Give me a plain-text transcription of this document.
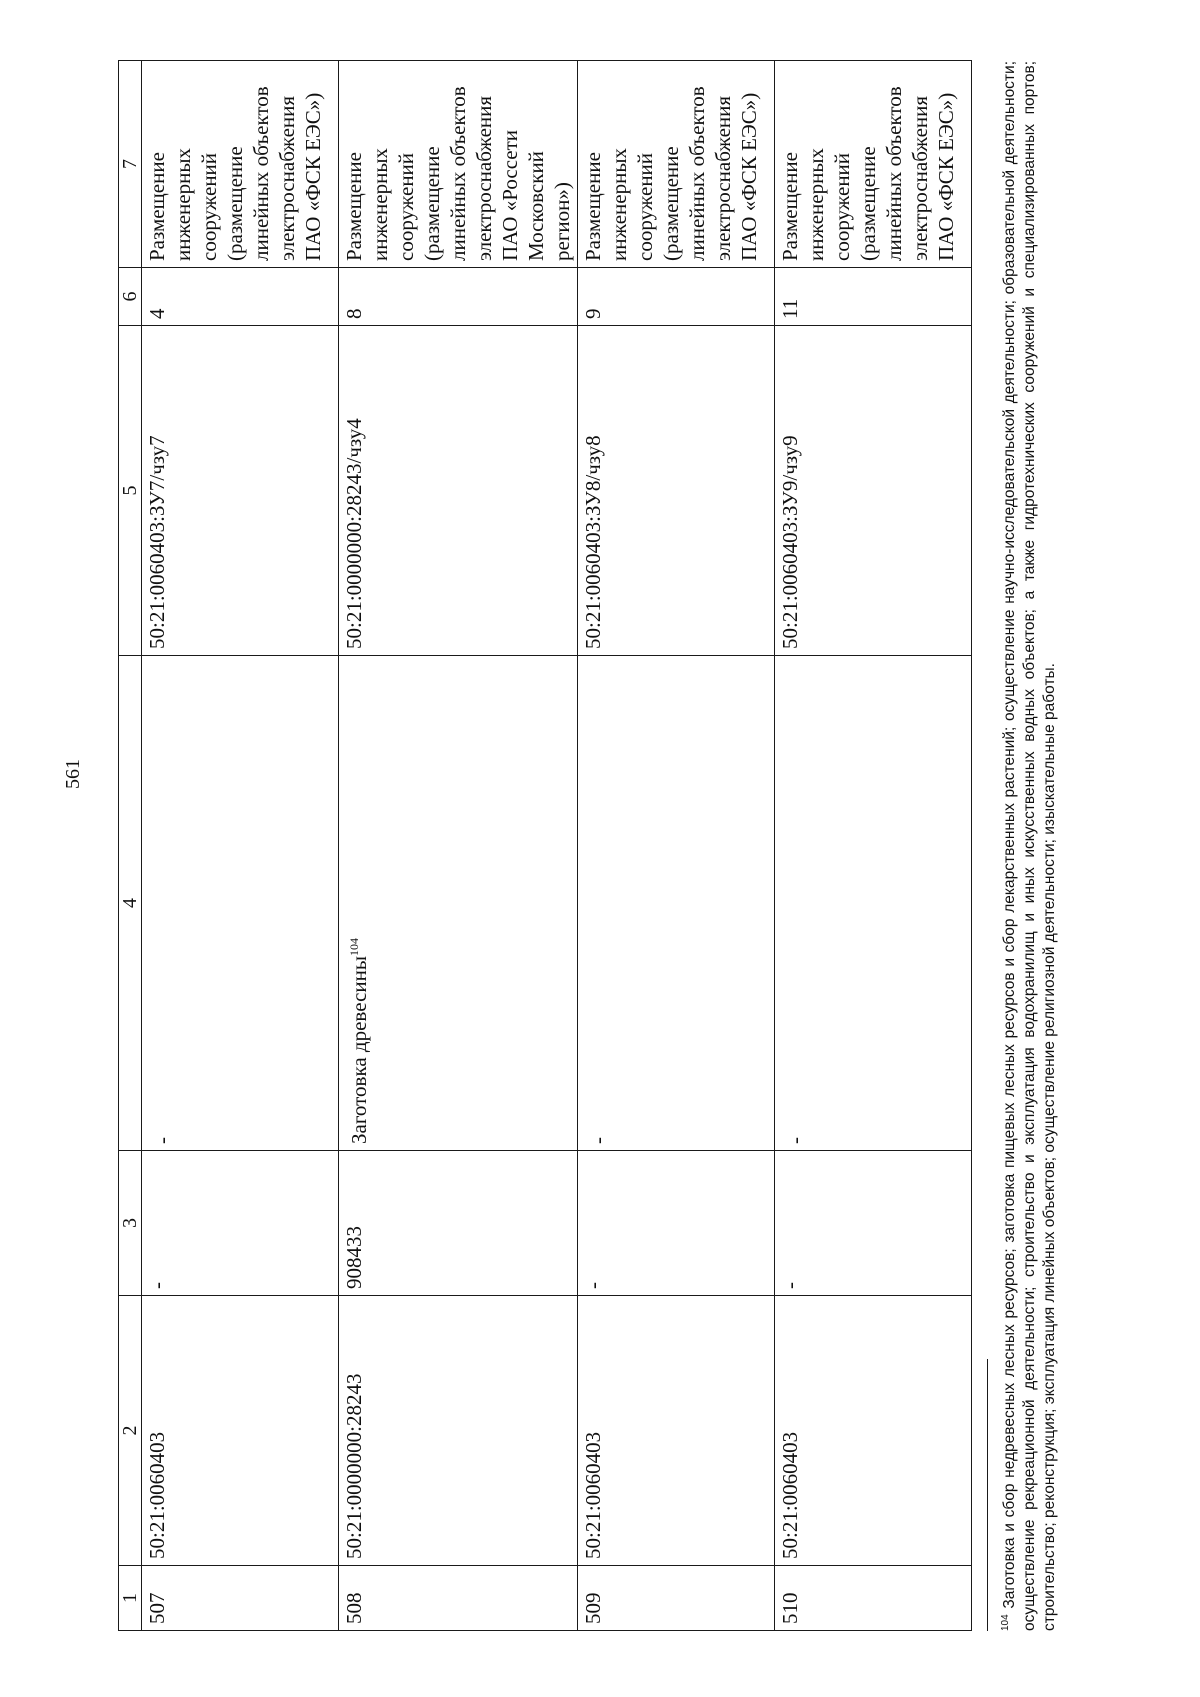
561
1	2	3	4	5	6	7
507	50:21:0060403	-	-	50:21:0060403:ЗУ7/чзу7	4	Размещение инженерных сооружений (размещение линейных объектов электроснабжения ПАО «ФСК ЕЭС»)
508	50:21:0000000:28243	908433	Заготовка древесины$^{104}$	50:21:0000000:28243/чзу4	8	Размещение инженерных сооружений (размещение линейных объектов электроснабжения ПАО «Россети Московский регион»)
509	50:21:0060403	-	-	50:21:0060403:ЗУ8/чзу8	9	Размещение инженерных сооружений (размещение линейных объектов электроснабжения ПАО «ФСК ЕЭС»)
510	50:21:0060403	-	-	50:21:0060403:ЗУ9/чзу9	11	Размещение инженерных сооружений (размещение линейных объектов электроснабжения ПАО «ФСК ЕЭС»)
$^{104}$ Заготовка и сбор недревесных лесных ресурсов; заготовка пищевых лесных ресурсов и сбор лекарственных растений; осуществление научно-исследовательской деятельности; образовательной деятельности; осуществление рекреационной деятельности; строительство и эксплуатация водохранилищ и иных искусственных водных объектов; а также гидротехнических сооружений и специализированных портов; строительство; реконструкция; эксплуатация линейных объектов; осуществление религиозной деятельности; изыскательные работы.
